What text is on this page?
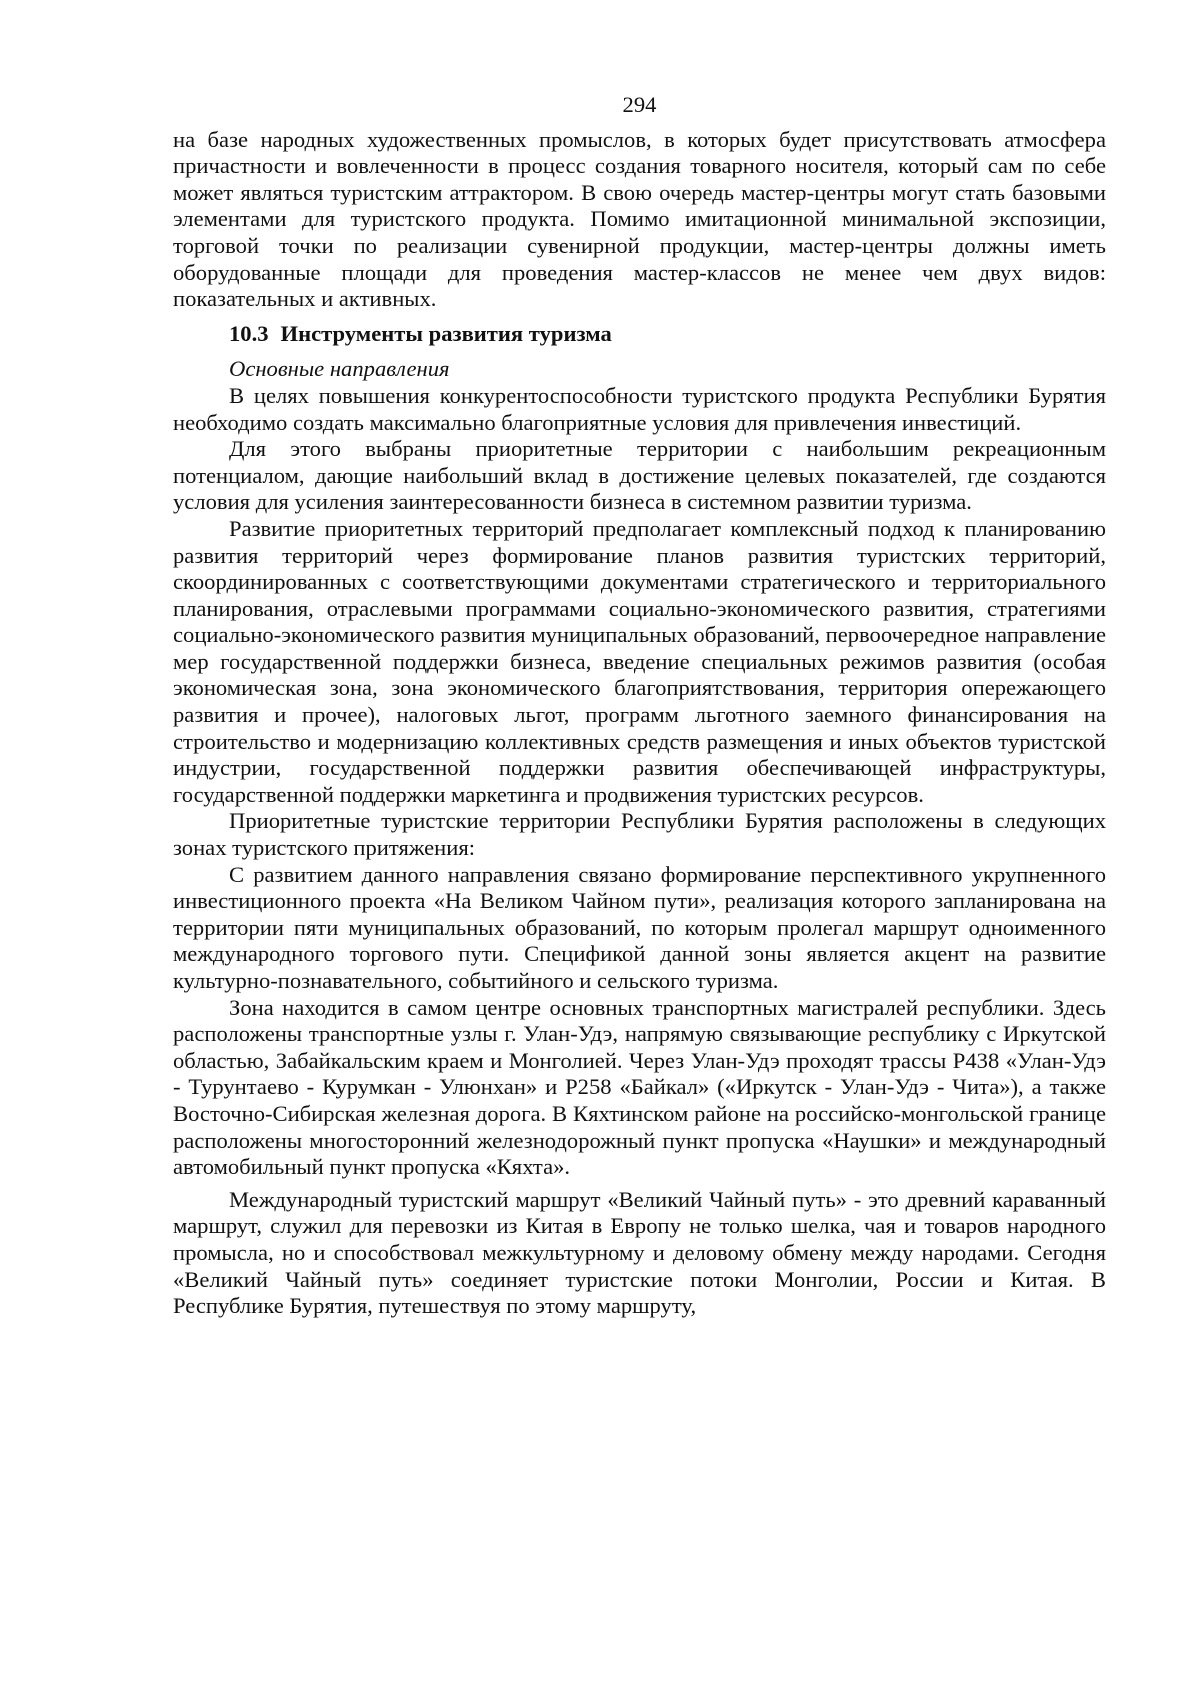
294

на базе народных художественных промыслов, в которых будет присутствовать атмосфера причастности и вовлеченности в процесс создания товарного носителя, который сам по себе может являться туристским аттрактором. В свою очередь мастер-центры могут стать базовыми элементами для туристского продукта. Помимо имитационной минимальной экспозиции, торговой точки по реализации сувенирной продукции, мастер-центры должны иметь оборудованные площади для проведения мастер-классов не менее чем двух видов: показательных и активных.

10.3 Инструменты развития туризма
Основные направления

В целях повышения конкурентоспособности туристского продукта Республики Бурятия необходимо создать максимально благоприятные условия для привлечения инвестиций.

Для этого выбраны приоритетные территории с наибольшим рекреационным потенциалом, дающие наибольший вклад в достижение целевых показателей, где создаются условия для усиления заинтересованности бизнеса в системном развитии туризма.

Развитие приоритетных территорий предполагает комплексный подход к планированию развития территорий через формирование планов развития туристских территорий, скоординированных с соответствующими документами стратегического и территориального планирования, отраслевыми программами социально-экономического развития, стратегиями социально-экономического развития муниципальных образований, первоочередное направление мер государственной поддержки бизнеса, введение специальных режимов развития (особая экономическая зона, зона экономического благоприятствования, территория опережающего развития и прочее), налоговых льгот, программ льготного заемного финансирования на строительство и модернизацию коллективных средств размещения и иных объектов туристской индустрии, государственной поддержки развития обеспечивающей инфраструктуры, государственной поддержки маркетинга и продвижения туристских ресурсов.

Приоритетные туристские территории Республики Бурятия расположены в следующих зонах туристского притяжения:

С развитием данного направления связано формирование перспективного укрупненного инвестиционного проекта «На Великом Чайном пути», реализация которого запланирована на территории пяти муниципальных образований, по которым пролегал маршрут одноименного международного торгового пути. Спецификой данной зоны является акцент на развитие культурно-познавательного, событийного и сельского туризма.

Зона находится в самом центре основных транспортных магистралей республики. Здесь расположены транспортные узлы г. Улан-Удэ, напрямую связывающие республику с Иркутской областью, Забайкальским краем и Монголией. Через Улан-Удэ проходят трассы Р438 «Улан-Удэ - Турунтаево - Курумкан - Улюнхан» и Р258 «Байкал» («Иркутск - Улан-Удэ - Чита»), а также Восточно-Сибирская железная дорога. В Кяхтинском районе на российско-монгольской границе расположены многосторонний железнодорожный пункт пропуска «Наушки» и международный автомобильный пункт пропуска «Кяхта».

Международный туристский маршрут «Великий Чайный путь» - это древний караванный маршрут, служил для перевозки из Китая в Европу не только шелка, чая и товаров народного промысла, но и способствовал межкультурному и деловому обмену между народами. Сегодня «Великий Чайный путь» соединяет туристские потоки Монголии, России и Китая. В Республике Бурятия, путешествуя по этому маршруту,
